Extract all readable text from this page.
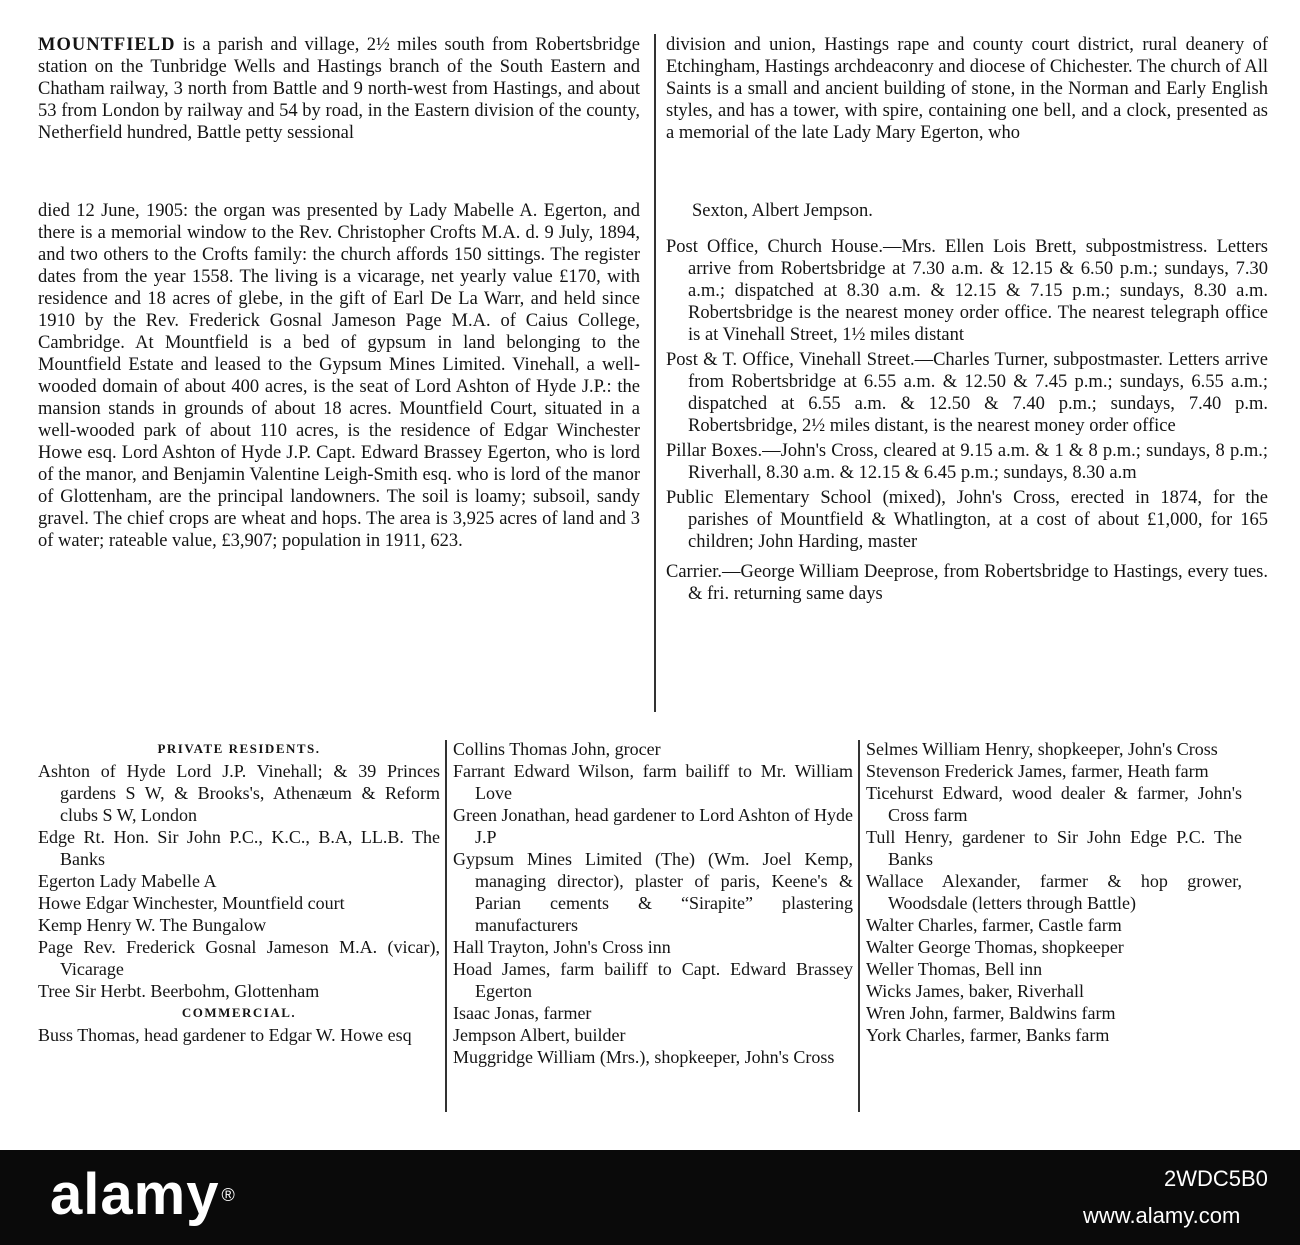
MOUNTFIELD is a parish and village, 2½ miles south from Robertsbridge station on the Tunbridge Wells and Hastings branch of the South Eastern and Chatham railway, 3 north from Battle and 9 north-west from Hastings, and about 53 from London by railway and 54 by road, in the Eastern division of the county, Netherfield hundred, Battle petty sessional

division and union, Hastings rape and county court district, rural deanery of Etchingham, Hastings archdeaconry and diocese of Chichester. The church of All Saints is a small and ancient building of stone, in the Norman and Early English styles, and has a tower, with spire, containing one bell, and a clock, presented as a memorial of the late Lady Mary Egerton, who

died 12 June, 1905: the organ was presented by Lady Mabelle A. Egerton, and there is a memorial window to the Rev. Christopher Crofts M.A. d. 9 July, 1894, and two others to the Crofts family: the church affords 150 sittings. The register dates from the year 1558. The living is a vicarage, net yearly value £170, with residence and 18 acres of glebe, in the gift of Earl De La Warr, and held since 1910 by the Rev. Frederick Gosnal Jameson Page M.A. of Caius College, Cambridge. At Mountfield is a bed of gypsum in land belonging to the Mountfield Estate and leased to the Gypsum Mines Limited. Vinehall, a well-wooded domain of about 400 acres, is the seat of Lord Ashton of Hyde J.P.: the mansion stands in grounds of about 18 acres. Mountfield Court, situated in a well-wooded park of about 110 acres, is the residence of Edgar Winchester Howe esq. Lord Ashton of Hyde J.P. Capt. Edward Brassey Egerton, who is lord of the manor, and Benjamin Valentine Leigh-Smith esq. who is lord of the manor of Glottenham, are the principal landowners. The soil is loamy; subsoil, sandy gravel. The chief crops are wheat and hops. The area is 3,925 acres of land and 3 of water; rateable value, £3,907; population in 1911, 623.

Sexton, Albert Jempson.

Post Office, Church House.—Mrs. Ellen Lois Brett, subpostmistress. Letters arrive from Robertsbridge at 7.30 a.m. & 12.15 & 6.50 p.m.; sundays, 7.30 a.m.; dispatched at 8.30 a.m. & 12.15 & 7.15 p.m.; sundays, 8.30 a.m. Robertsbridge is the nearest money order office. The nearest telegraph office is at Vinehall Street, 1½ miles distant

Post & T. Office, Vinehall Street.—Charles Turner, subpostmaster. Letters arrive from Robertsbridge at 6.55 a.m. & 12.50 & 7.45 p.m.; sundays, 6.55 a.m.; dispatched at 6.55 a.m. & 12.50 & 7.40 p.m.; sundays, 7.40 p.m. Robertsbridge, 2½ miles distant, is the nearest money order office

Pillar Boxes.—John's Cross, cleared at 9.15 a.m. & 1 & 8 p.m.; sundays, 8 p.m.; Riverhall, 8.30 a.m. & 12.15 & 6.45 p.m.; sundays, 8.30 a.m

Public Elementary School (mixed), John's Cross, erected in 1874, for the parishes of Mountfield & Whatlington, at a cost of about £1,000, for 165 children; John Harding, master

Carrier.—George William Deeprose, from Robertsbridge to Hastings, every tues. & fri. returning same days

PRIVATE RESIDENTS.
Ashton of Hyde Lord J.P. Vinehall; & 39 Princes gardens S W, & Brooks's, Athenæum & Reform clubs S W, London
Edge Rt. Hon. Sir John P.C., K.C., B.A, LL.B. The Banks
Egerton Lady Mabelle A
Howe Edgar Winchester, Mountfield court
Kemp Henry W. The Bungalow
Page Rev. Frederick Gosnal Jameson M.A. (vicar), Vicarage
Tree Sir Herbt. Beerbohm, Glottenham
COMMERCIAL.
Buss Thomas, head gardener to Edgar W. Howe esq
Collins Thomas John, grocer
Farrant Edward Wilson, farm bailiff to Mr. William Love
Green Jonathan, head gardener to Lord Ashton of Hyde J.P
Gypsum Mines Limited (The) (Wm. Joel Kemp, managing director), plaster of paris, Keene's & Parian cements & “Sirapite” plastering manufacturers
Hall Trayton, John's Cross inn
Hoad James, farm bailiff to Capt. Edward Brassey Egerton
Isaac Jonas, farmer
Jempson Albert, builder
Muggridge William (Mrs.), shopkeeper, John's Cross
Selmes William Henry, shopkeeper, John's Cross
Stevenson Frederick James, farmer, Heath farm
Ticehurst Edward, wood dealer & farmer, John's Cross farm
Tull Henry, gardener to Sir John Edge P.C. The Banks
Wallace Alexander, farmer & hop grower, Woodsdale (letters through Battle)
Walter Charles, farmer, Castle farm
Walter George Thomas, shopkeeper
Weller Thomas, Bell inn
Wicks James, baker, Riverhall
Wren John, farmer, Baldwins farm
York Charles, farmer, Banks farm
alamy ®
2WDC5B0
www.alamy.com
